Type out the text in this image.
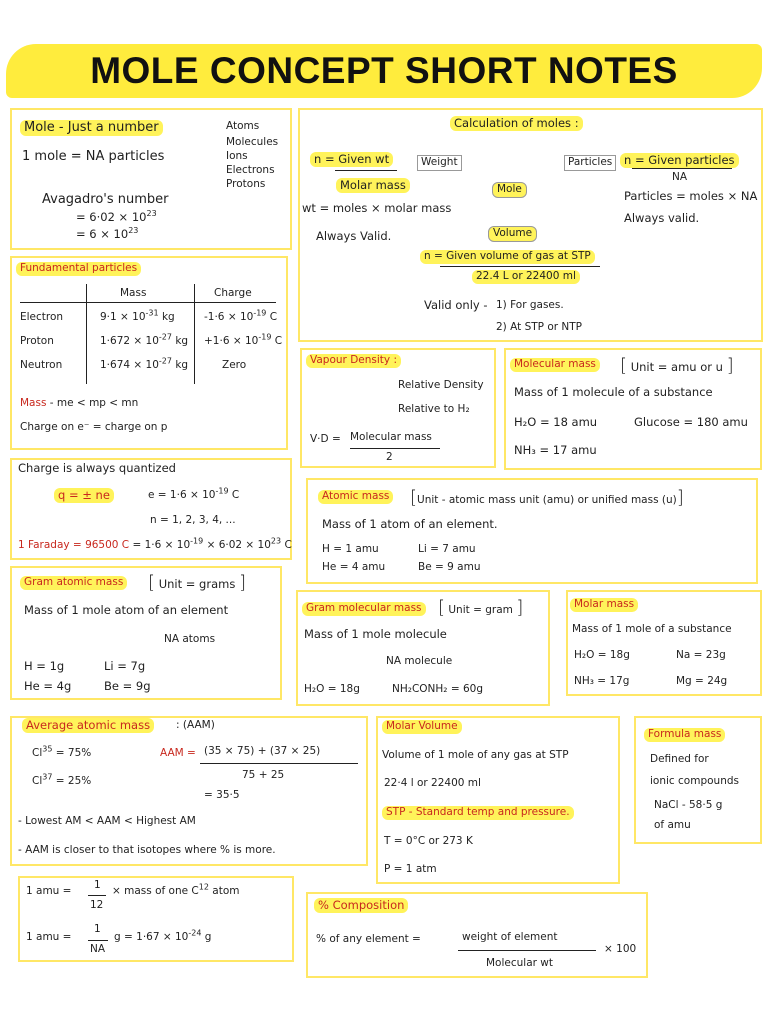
MOLE CONCEPT SHORT NOTES
Mole - Just a number
1 mole = NA particles
Atoms
Molecules
Ions
Electrons
Protons
Avagadro's number
= $6\cdot 02 \times 10^{23}$
= $6 \times 10^{23}$
Calculation of moles :
n = Given wt
Molar mass
wt = moles × molar mass
Always Valid.
Weight	Particles
Mole
Volume
n = Given particles
NA
Particles = moles × NA
Always valid.
n = Given volume of gas at STP
22.4 L or 22400 ml
Valid only - 1) For gases.
2) At STP or NTP
Fundamental particles
Mass	Charge
Electron	$9\cdot 1 \times 10^{-31}$ kg	$-1\cdot 6 \times 10^{-19}$ C
Proton	$1\cdot 672 \times 10^{-27}$ kg $+1\cdot 6 \times 10^{-19}$ C
Neutron	$1\cdot 674 \times 10^{-27}$ kg	Zero
Mass - me < mp < mn
Charge on e⁻ = charge on p
Charge is always quantized
q = ± ne	$e = 1\cdot 6 \times 10^{-19}$ C
n = 1, 2, 3, 4, ...
1 Faraday = 96500 $C = 1\cdot 6 \times 10^{-19} \times 6\cdot 02 \times 10^{23}$ C
Vapour Density :
Relative Density
Relative to H₂
V·D = Molecular mass
2
Molecular mass [ Unit = amu or u ]
Mass of 1 molecule of a substance
H₂O = 18 amu	Glucose = 180 amu
NH₃ = 17 amu
Atomic mass [Unit - atomic mass unit (amu) or unified mass (u)]
Mass of 1 atom of an element.
H = 1 amu	Li = 7 amu
He = 4 amu	Be = 9 amu
Gram atomic mass [ Unit = grams ]
Mass of 1 mole atom of an element
NA atoms
H = 1g	Li = 7g
He = 4g	Be = 9g
Gram molecular mass [ Unit = gram ]
Mass of 1 mole molecule
NA molecule
H₂O = 18g	NH₂CONH₂ = 60g
Molar mass
Mass of 1 mole of a substance
H₂O = 18g	Na = 23g
NH₃ = 17g	Mg = 24g
Average atomic mass	: (AAM)
$Cl^{35} = 75\%$
$Cl^{37} = 25\%$
AAM = (35 × 75) + (37 × 25)
75 + 25
= 35·5
- Lowest AM < AAM < Highest AM
- AAM is closer to that isotopes where % is more.
Molar Volume
Volume of 1 mole of any gas at STP
22·4 l or 22400 ml
STP - Standard temp and pressure.
T = 0°C or 273 K
P = 1 atm
Formula mass
Defined for
ionic compounds
NaCl - 58·5 g
of amu
1 amu = 1
12
× mass of one $C^{12}$ atom
1 amu =
1
NA
$g = 1\cdot 67 \times 10^{-24}$ g
% Composition
% of any element =	weight of element
Molecular wt
× 100
